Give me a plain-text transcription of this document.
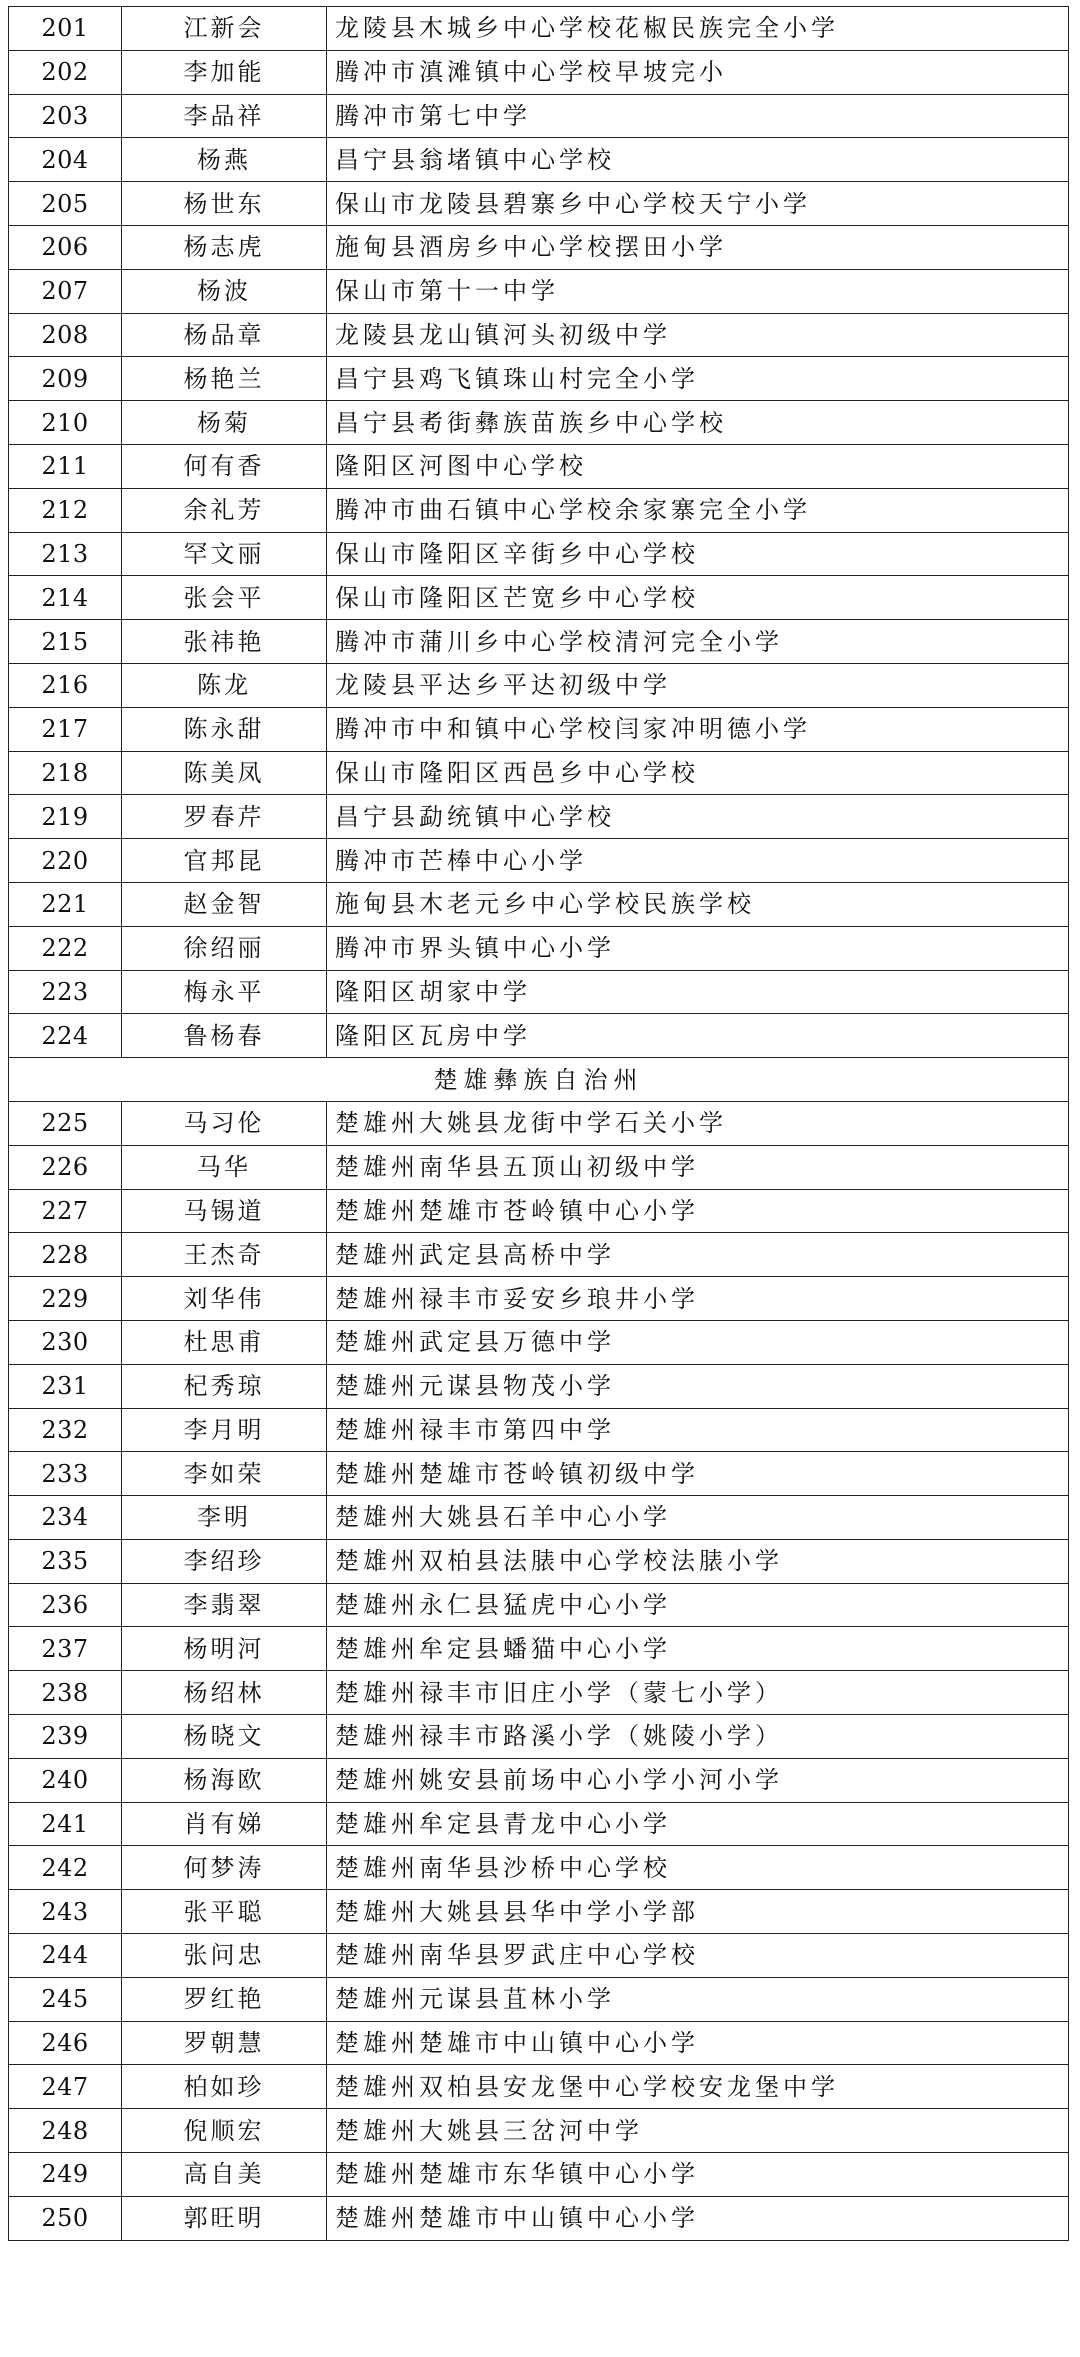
201	江新会	龙陵县木城乡中心学校花椒民族完全小学
202	李加能	腾冲市滇滩镇中心学校早坡完小
203	李品祥	腾冲市第七中学
204	杨燕	昌宁县翁堵镇中心学校
205	杨世东	保山市龙陵县碧寨乡中心学校天宁小学
206	杨志虎	施甸县酒房乡中心学校摆田小学
207	杨波	保山市第十一中学
208	杨品章	龙陵县龙山镇河头初级中学
209	杨艳兰	昌宁县鸡飞镇珠山村完全小学
210	杨菊	昌宁县耇街彝族苗族乡中心学校
211	何有香	隆阳区河图中心学校
212	余礼芳	腾冲市曲石镇中心学校余家寨完全小学
213	罕文丽	保山市隆阳区辛街乡中心学校
214	张会平	保山市隆阳区芒宽乡中心学校
215	张祎艳	腾冲市蒲川乡中心学校清河完全小学
216	陈龙	龙陵县平达乡平达初级中学
217	陈永甜	腾冲市中和镇中心学校闫家冲明德小学
218	陈美凤	保山市隆阳区西邑乡中心学校
219	罗春芹	昌宁县勐统镇中心学校
220	官邦昆	腾冲市芒棒中心小学
221	赵金智	施甸县木老元乡中心学校民族学校
222	徐绍丽	腾冲市界头镇中心小学
223	梅永平	隆阳区胡家中学
224	鲁杨春	隆阳区瓦房中学
楚雄彝族自治州		
225	马习伦	楚雄州大姚县龙街中学石关小学
226	马华	楚雄州南华县五顶山初级中学
227	马锡道	楚雄州楚雄市苍岭镇中心小学
228	王杰奇	楚雄州武定县高桥中学
229	刘华伟	楚雄州禄丰市妥安乡琅井小学
230	杜思甫	楚雄州武定县万德中学
231	杞秀琼	楚雄州元谋县物茂小学
232	李月明	楚雄州禄丰市第四中学
233	李如荣	楚雄州楚雄市苍岭镇初级中学
234	李明	楚雄州大姚县石羊中心小学
235	李绍珍	楚雄州双柏县法脿中心学校法脿小学
236	李翡翠	楚雄州永仁县猛虎中心小学
237	杨明河	楚雄州牟定县蟠猫中心小学
238	杨绍林	楚雄州禄丰市旧庄小学（蒙七小学）
239	杨晓文	楚雄州禄丰市路溪小学（姚陵小学）
240	杨海欧	楚雄州姚安县前场中心小学小河小学
241	肖有娣	楚雄州牟定县青龙中心小学
242	何梦涛	楚雄州南华县沙桥中心学校
243	张平聪	楚雄州大姚县县华中学小学部
244	张问忠	楚雄州南华县罗武庄中心学校
245	罗红艳	楚雄州元谋县苴林小学
246	罗朝慧	楚雄州楚雄市中山镇中心小学
247	柏如珍	楚雄州双柏县安龙堡中心学校安龙堡中学
248	倪顺宏	楚雄州大姚县三岔河中学
249	高自美	楚雄州楚雄市东华镇中心小学
250	郭旺明	楚雄州楚雄市中山镇中心小学
